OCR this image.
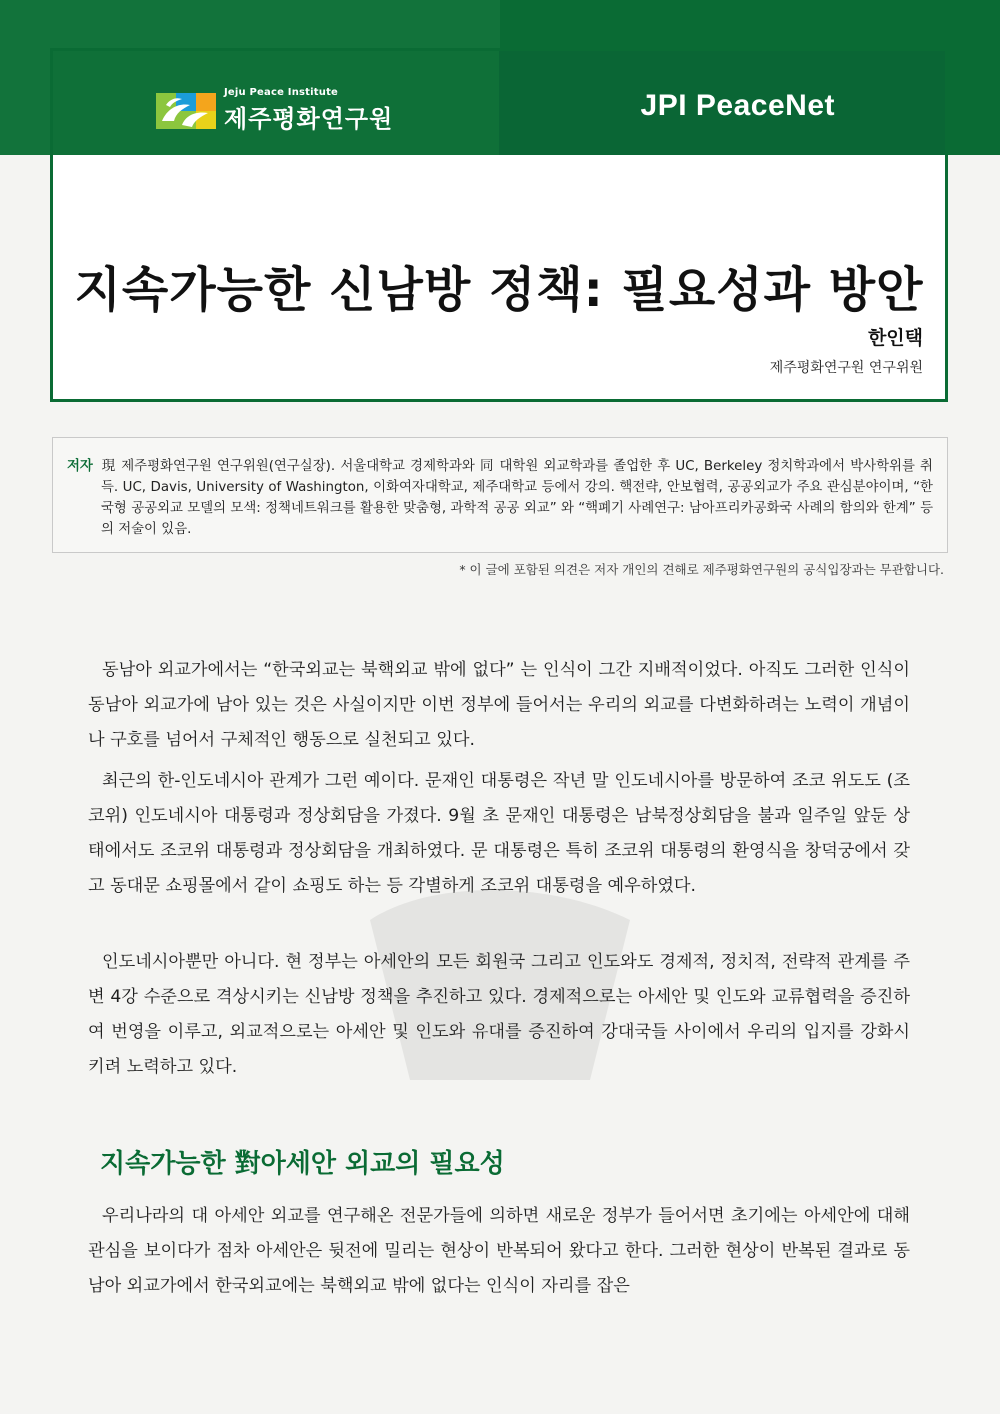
Jeju Peace Institute
제주평화연구원	JPI PeaceNet
지속가능한 신남방 정책: 필요성과 방안
한인택
제주평화연구원 연구위원
저자 現 제주평화연구원 연구위원(연구실장). 서울대학교 경제학과와 同 대학원 외교학과를 졸업한 후 UC, Berkeley 정치학과에서 박사학위를 취득. UC, Davis, University of Washington, 이화여자대학교, 제주대학교 등에서 강의. 핵전략, 안보협력, 공공외교가 주요 관심분야이며, “한국형 공공외교 모델의 모색: 정책네트워크를 활용한 맞춤형, 과학적 공공 외교” 와 “핵폐기 사례연구: 남아프리카공화국 사례의 함의와 한계” 등의 저술이 있음.
* 이 글에 포함된 의견은 저자 개인의 견해로 제주평화연구원의 공식입장과는 무관합니다.

동남아 외교가에서는 “한국외교는 북핵외교 밖에 없다” 는 인식이 그간 지배적이었다. 아직도 그러한 인식이 동남아 외교가에 남아 있는 것은 사실이지만 이번 정부에 들어서는 우리의 외교를 다변화하려는 노력이 개념이나 구호를 넘어서 구체적인 행동으로 실천되고 있다.

최근의 한-인도네시아 관계가 그런 예이다. 문재인 대통령은 작년 말 인도네시아를 방문하여 조코 위도도 (조코위) 인도네시아 대통령과 정상회담을 가졌다. 9월 초 문재인 대통령은 남북정상회담을 불과 일주일 앞둔 상태에서도 조코위 대통령과 정상회담을 개최하였다. 문 대통령은 특히 조코위 대통령의 환영식을 창덕궁에서 갖고 동대문 쇼핑몰에서 같이 쇼핑도 하는 등 각별하게 조코위 대통령을 예우하였다.

인도네시아뿐만 아니다. 현 정부는 아세안의 모든 회원국 그리고 인도와도 경제적, 정치적, 전략적 관계를 주변 4강 수준으로 격상시키는 신남방 정책을 추진하고 있다. 경제적으로는 아세안 및 인도와 교류협력을 증진하여 번영을 이루고, 외교적으로는 아세안 및 인도와 유대를 증진하여 강대국들 사이에서 우리의 입지를 강화시키려 노력하고 있다.

지속가능한 對아세안 외교의 필요성

우리나라의 대 아세안 외교를 연구해온 전문가들에 의하면 새로운 정부가 들어서면 초기에는 아세안에 대해 관심을 보이다가 점차 아세안은 뒷전에 밀리는 현상이 반복되어 왔다고 한다. 그러한 현상이 반복된 결과로 동남아 외교가에서 한국외교에는 북핵외교 밖에 없다는 인식이 자리를 잡은
